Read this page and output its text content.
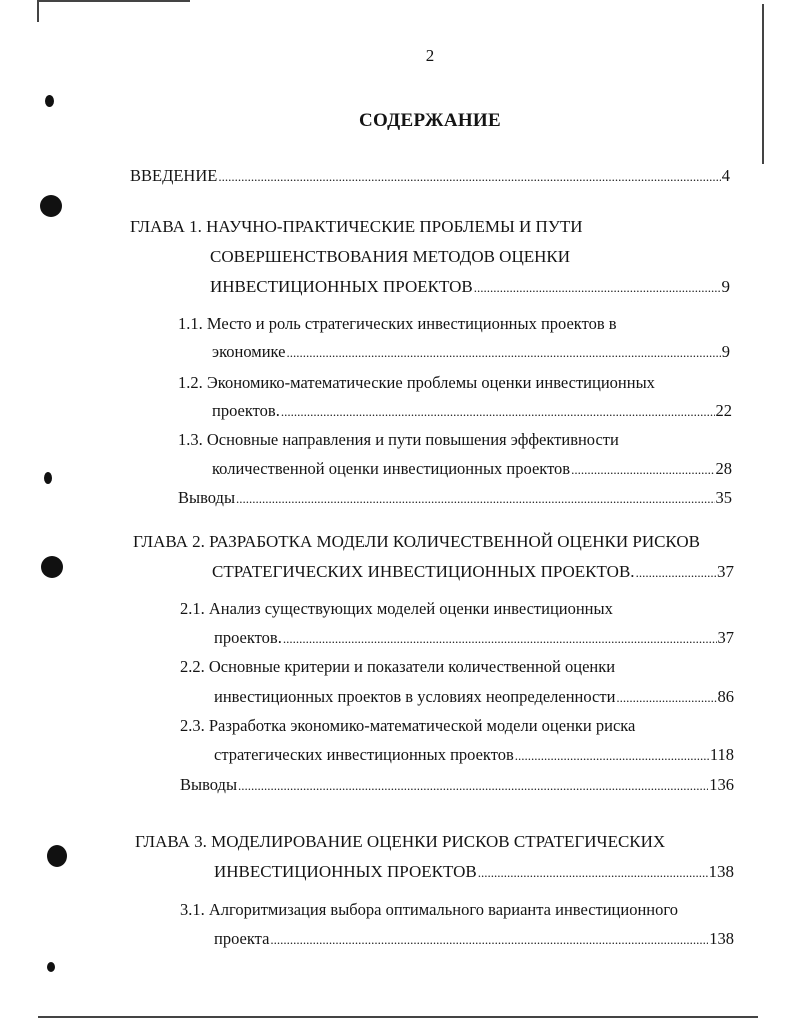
2
СОДЕРЖАНИЕ
ВВЕДЕНИЕ .....	4
ГЛАВА 1. НАУЧНО-ПРАКТИЧЕСКИЕ ПРОБЛЕМЫ И ПУТИ
СОВЕРШЕНСТВОВАНИЯ МЕТОДОВ ОЦЕНКИ
ИНВЕСТИЦИОННЫХ ПРОЕКТОВ .....	9
1.1. Место и роль стратегических инвестиционных проектов в
экономике .....	9
1.2. Экономико-математические проблемы оценки инвестиционных
проектов. .....	22
1.3. Основные направления и пути повышения эффективности
количественной оценки инвестиционных проектов .....	28
Выводы .....	35
ГЛАВА 2. РАЗРАБОТКА МОДЕЛИ КОЛИЧЕСТВЕННОЙ ОЦЕНКИ РИСКОВ
СТРАТЕГИЧЕСКИХ ИНВЕСТИЦИОННЫХ ПРОЕКТОВ. .....	37
2.1. Анализ существующих моделей оценки инвестиционных
проектов. .....	37
2.2. Основные критерии и показатели количественной оценки
инвестиционных проектов в условиях неопределенности .....	86
2.3. Разработка экономико-математической модели оценки риска
стратегических инвестиционных проектов .....	118
Выводы .....	136
ГЛАВА 3. МОДЕЛИРОВАНИЕ ОЦЕНКИ РИСКОВ СТРАТЕГИЧЕСКИХ
ИНВЕСТИЦИОННЫХ ПРОЕКТОВ .....	138
3.1. Алгоритмизация выбора оптимального варианта инвестиционного
проекта .....	138
